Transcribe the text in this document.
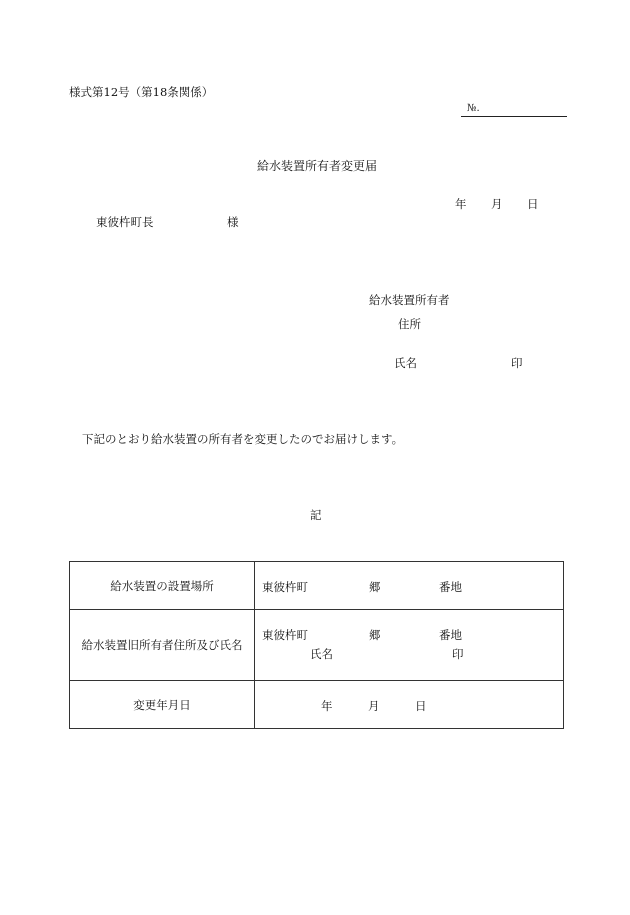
様式第12号（第18条関係）
№.
給水装置所有者変更届
年 月 日
東彼杵町長	様
給水装置所有者
住所
氏名	印
下記のとおり給水装置の所有者を変更したのでお届けします。
記
給水装置の設置場所	東彼杵町 郷 番地

給水装置旧所有者住所及び氏名	東彼杵町 郷 番地
氏名 印

変更年月日	年 月 日
